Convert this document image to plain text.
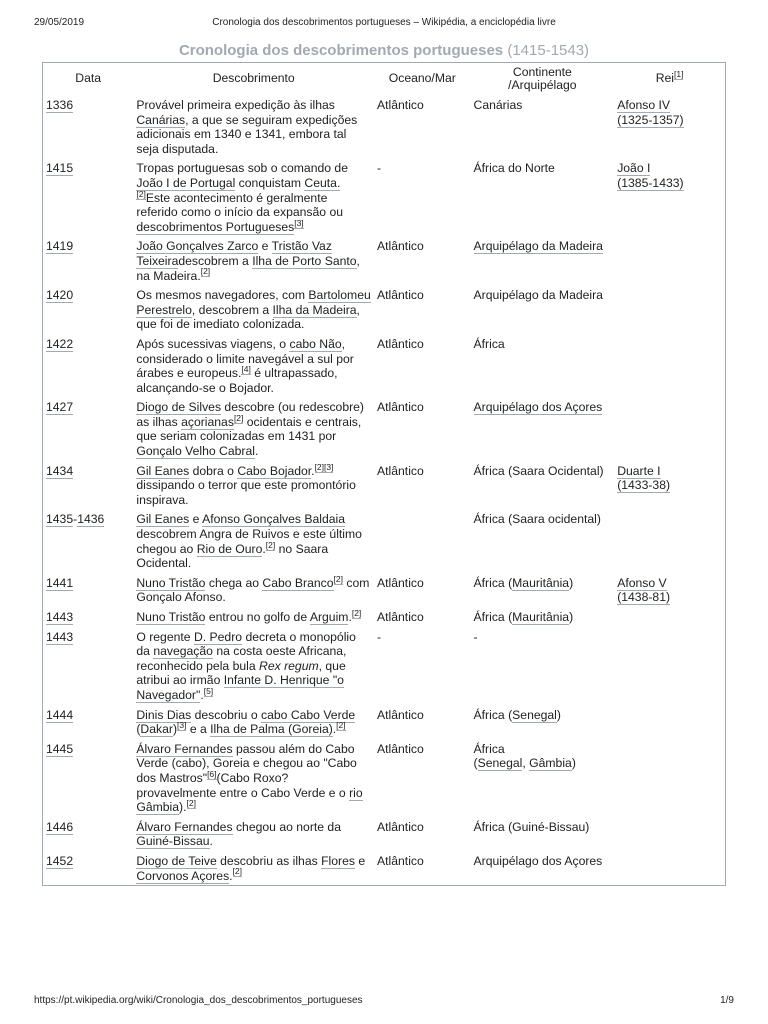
29/05/2019	Cronologia dos descobrimentos portugueses – Wikipédia, a enciclopédia livre
Cronologia dos descobrimentos portugueses (1415-1543)
Data	Descobrimento	Oceano/Mar	Continente
/Arquipélago	Rei[1]
1336	Provável primeira expedição às ilhas Canárias, a que se seguiram expedições adicionais em 1340 e 1341, embora tal seja disputada.	Atlântico	Canárias	Afonso IV
(1325-1357)
1415	Tropas portuguesas sob o comando de João I de Portugal conquistam Ceuta.[2]Este acontecimento é geralmente referido como o início da expansão ou descobrimentos Portugueses[3]	-	África do Norte	João I
(1385-1433)
1419	João Gonçalves Zarco e Tristão Vaz Teixeiradescobrem a Ilha de Porto Santo, na Madeira.[2]	Atlântico	Arquipélago da Madeira	
1420	Os mesmos navegadores, com Bartolomeu Perestrelo, descobrem a Ilha da Madeira, que foi de imediato colonizada.	Atlântico	Arquipélago da Madeira	
1422	Após sucessivas viagens, o cabo Não, considerado o limite navegável a sul por árabes e europeus.[4] é ultrapassado, alcançando-se o Bojador.	Atlântico	África	
1427	Diogo de Silves descobre (ou redescobre) as ilhas açorianas[2] ocidentais e centrais, que seriam colonizadas em 1431 por Gonçalo Velho Cabral.	Atlântico	Arquipélago dos Açores	
1434	Gil Eanes dobra o Cabo Bojador.[2][3] dissipando o terror que este promontório inspirava.	Atlântico	África (Saara Ocidental)	Duarte I
(1433-38)
1435-1436	Gil Eanes e Afonso Gonçalves Baldaia descobrem Angra de Ruivos e este último chegou ao Rio de Ouro.[2] no Saara Ocidental.		África (Saara ocidental)	
1441	Nuno Tristão chega ao Cabo Branco[2] com Gonçalo Afonso.	Atlântico	África (Mauritânia)	Afonso V
(1438-81)
1443	Nuno Tristão entrou no golfo de Arguim.[2]	Atlântico	África (Mauritânia)	
1443	O regente D. Pedro decreta o monopólio da navegação na costa oeste Africana, reconhecido pela bula Rex regum, que atribui ao irmão Infante D. Henrique "o Navegador".[5]	-	-	
1444	Dinis Dias descobriu o cabo Cabo Verde (Dakar)[3] e a Ilha de Palma (Goreia).[2]	Atlântico	África (Senegal)	
1445	Álvaro Fernandes passou além do Cabo Verde (cabo), Goreia e chegou ao "Cabo dos Mastros"[6](Cabo Roxo? provavelmente entre o Cabo Verde e o rio Gâmbia).[2]	Atlântico	África
(Senegal, Gâmbia)	
1446	Álvaro Fernandes chegou ao norte da Guiné-Bissau.	Atlântico	África (Guiné-Bissau)	
1452	Diogo de Teive descobriu as ilhas Flores e Corvonos Açores.[2]	Atlântico	Arquipélago dos Açores	
https://pt.wikipedia.org/wiki/Cronologia_dos_descobrimentos_portugueses	1/9
